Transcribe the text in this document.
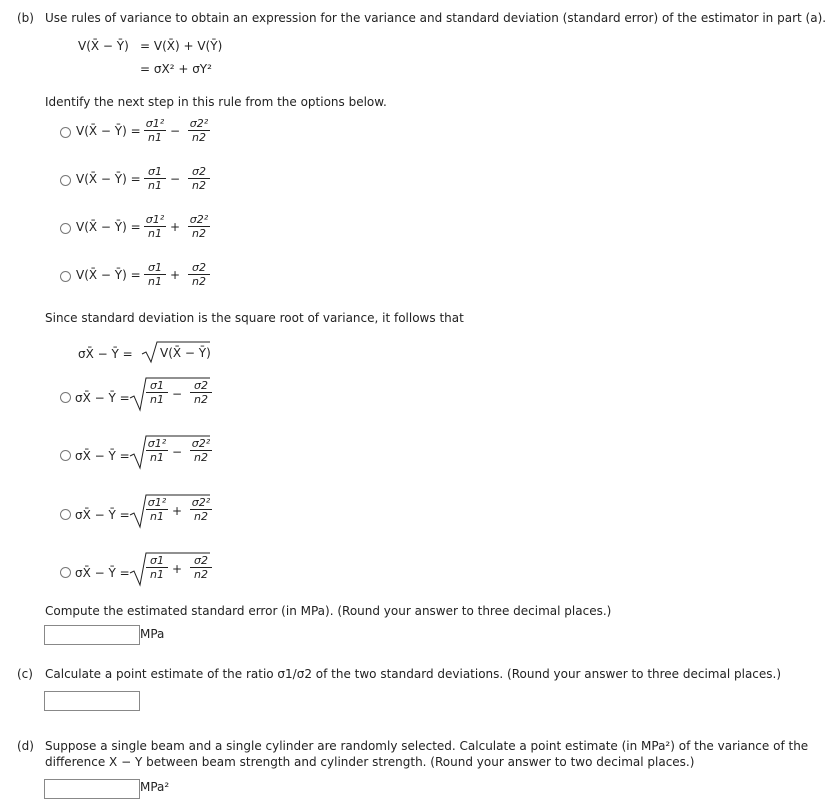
(b) Use rules of variance to obtain an expression for the variance and standard deviation (standard error) of the estimator in part (a).
V(X̄ − Ȳ) = V(X̄) + V(Ȳ)
= σX² + σY²
Identify the next step in this rule from the options below.
V(X̄ − Ȳ) =
σ1²
n1 −
σ2²
n2
V(X̄ − Ȳ) =
σ1
n1 −
σ2
n2
V(X̄ − Ȳ) =
σ1²
n1 +
σ2²
n2
V(X̄ − Ȳ) =
σ1
n1 +
σ2
n2
Since standard deviation is the square root of variance, it follows that
σX̄ − Ȳ = V(X̄ − Ȳ)
σX̄ − Ȳ =
σ1
n1 −
σ2
n2
σX̄ − Ȳ =
σ1²
n1 −
σ2²
n2
σX̄ − Ȳ =
σ1²
n1 +
σ2²
n2
σX̄ − Ȳ =
σ1
n1 +
σ2
n2
Compute the estimated standard error (in MPa). (Round your answer to three decimal places.)
MPa
(c) Calculate a point estimate of the ratio σ1/σ2 of the two standard deviations. (Round your answer to three decimal places.)
(d) Suppose a single beam and a single cylinder are randomly selected. Calculate a point estimate (in MPa²) of the variance of the
difference X − Y between beam strength and cylinder strength. (Round your answer to two decimal places.)
MPa²
